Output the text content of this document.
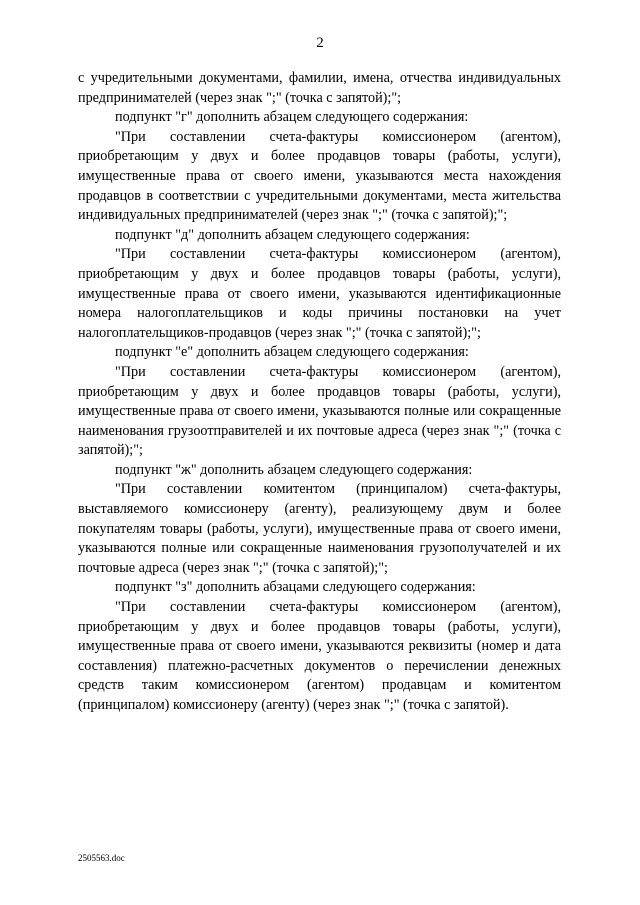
2

с учредительными документами, фамилии, имена, отчества индивидуальных предпринимателей (через знак ";" (точка с запятой);";

подпункт "г" дополнить абзацем следующего содержания:

"При составлении счета-фактуры комиссионером (агентом), приобретающим у двух и более продавцов товары (работы, услуги), имущественные права от своего имени, указываются места нахождения продавцов в соответствии с учредительными документами, места жительства индивидуальных предпринимателей (через знак ";" (точка с запятой);";

подпункт "д" дополнить абзацем следующего содержания:

"При составлении счета-фактуры комиссионером (агентом), приобретающим у двух и более продавцов товары (работы, услуги), имущественные права от своего имени, указываются идентификационные номера налогоплательщиков и коды причины постановки на учет налогоплательщиков-продавцов (через знак ";" (точка с запятой);";

подпункт "е" дополнить абзацем следующего содержания:

"При составлении счета-фактуры комиссионером (агентом), приобретающим у двух и более продавцов товары (работы, услуги), имущественные права от своего имени, указываются полные или сокращенные наименования грузоотправителей и их почтовые адреса (через знак ";" (точка с запятой);";

подпункт "ж" дополнить абзацем следующего содержания:

"При составлении комитентом (принципалом) счета-фактуры, выставляемого комиссионеру (агенту), реализующему двум и более покупателям товары (работы, услуги), имущественные права от своего имени, указываются полные или сокращенные наименования грузополучателей и их почтовые адреса (через знак ";" (точка с запятой);";

подпункт "з" дополнить абзацами следующего содержания:

"При составлении счета-фактуры комиссионером (агентом), приобретающим у двух и более продавцов товары (работы, услуги), имущественные права от своего имени, указываются реквизиты (номер и дата составления) платежно-расчетных документов о перечислении денежных средств таким комиссионером (агентом) продавцам и комитентом (принципалом) комиссионеру (агенту) (через знак ";" (точка с запятой).

2505563.doc
